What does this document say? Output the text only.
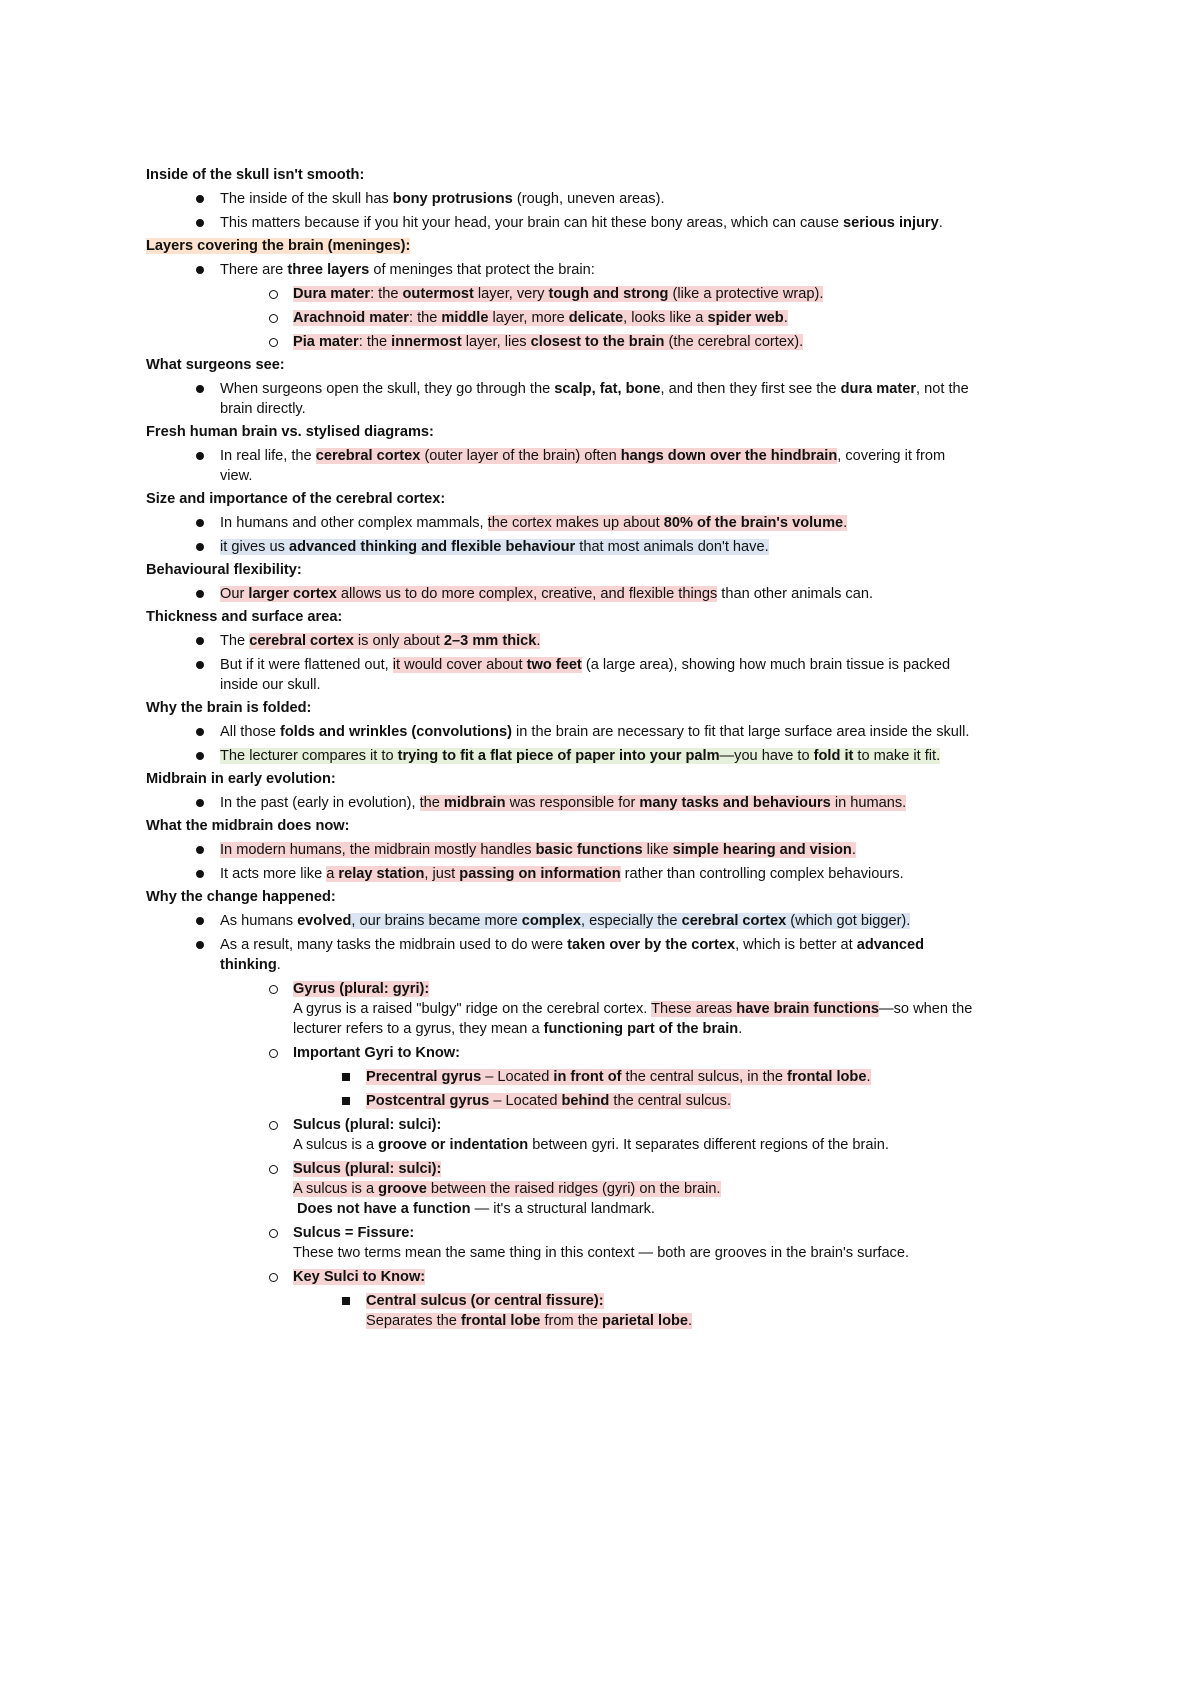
Inside of the skull isn't smooth:

The inside of the skull has bony protrusions (rough, uneven areas).
This matters because if you hit your head, your brain can hit these bony areas, which can cause serious injury.

Layers covering the brain (meninges):

There are three layers of meninges that protect the brain:
Dura mater: the outermost layer, very tough and strong (like a protective wrap).
Arachnoid mater: the middle layer, more delicate, looks like a spider web.
Pia mater: the innermost layer, lies closest to the brain (the cerebral cortex).

What surgeons see:

When surgeons open the skull, they go through the scalp, fat, bone, and then they first see the dura mater, not the
brain directly.

Fresh human brain vs. stylised diagrams:

In real life, the cerebral cortex (outer layer of the brain) often hangs down over the hindbrain, covering it from
view.

Size and importance of the cerebral cortex:

In humans and other complex mammals, the cortex makes up about 80% of the brain's volume.
it gives us advanced thinking and flexible behaviour that most animals don't have.

Behavioural flexibility:

Our larger cortex allows us to do more complex, creative, and flexible things than other animals can.

Thickness and surface area:

The cerebral cortex is only about 2–3 mm thick.
But if it were flattened out, it would cover about two feet (a large area), showing how much brain tissue is packed
inside our skull.

Why the brain is folded:

All those folds and wrinkles (convolutions) in the brain are necessary to fit that large surface area inside the skull.
The lecturer compares it to trying to fit a flat piece of paper into your palm—you have to fold it to make it fit.

Midbrain in early evolution:

In the past (early in evolution), the midbrain was responsible for many tasks and behaviours in humans.

What the midbrain does now:

In modern humans, the midbrain mostly handles basic functions like simple hearing and vision.
It acts more like a relay station, just passing on information rather than controlling complex behaviours.

Why the change happened:

As humans evolved, our brains became more complex, especially the cerebral cortex (which got bigger).
As a result, many tasks the midbrain used to do were taken over by the cortex, which is better at advanced
thinking.
Gyrus (plural: gyri):
A gyrus is a raised "bulgy" ridge on the cerebral cortex. These areas have brain functions—so when the
lecturer refers to a gyrus, they mean a functioning part of the brain.
Important Gyri to Know:
Precentral gyrus – Located in front of the central sulcus, in the frontal lobe.
Postcentral gyrus – Located behind the central sulcus.
Sulcus (plural: sulci):
A sulcus is a groove or indentation between gyri. It separates different regions of the brain.
Sulcus (plural: sulci):
A sulcus is a groove between the raised ridges (gyri) on the brain.
Does not have a function — it's a structural landmark.
Sulcus = Fissure:
These two terms mean the same thing in this context — both are grooves in the brain's surface.
Key Sulci to Know:
Central sulcus (or central fissure):
Separates the frontal lobe from the parietal lobe.
